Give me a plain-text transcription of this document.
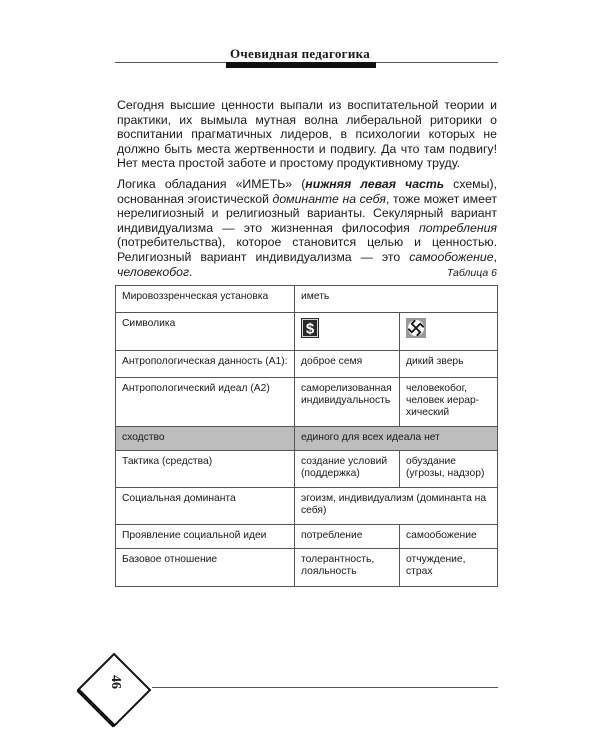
Очевидная педагогика

Сегодня высшие ценности выпали из воспитательной теории и практики, их вымыла мутная волна либеральной риторики о воспитании прагматичных лидеров, в психологии которых не должно быть места жертвенности и подвигу. Да что там подвигу! Нет места простой заботе и простому продуктивному труду.

Логика обладания «ИМЕТЬ» (нижняя левая часть схемы), основанная эгоистической доминанте на себя, тоже может имеет нерелигиозный и религиозный варианты. Секулярный вариант индивидуализма — это жизненная философия потребления (потребительства), которое становится целью и ценностью. Религиозный вариант индивидуализма — это самообожение, человекобог.	Таблица 6
Мировоззренческая установка	иметь	
Символика	$

Антропологическая данность (А1):	доброе семя	дикий зверь
Антропологический идеал (А2)	саморелизованная индивидуальность	человекобог, человек иерар-хический
сходство	единого для всех идеала нет	
Тактика (средства)	создание условий (поддержка)	обуздание (угрозы, надзор)
Социальная доминанта	эгоизм, индивидуализм (доминанта на себя)	
Проявление социальной идеи	потребление	самообожение
Базовое отношение	толерантность, лояльность	отчуждение, страх
46
